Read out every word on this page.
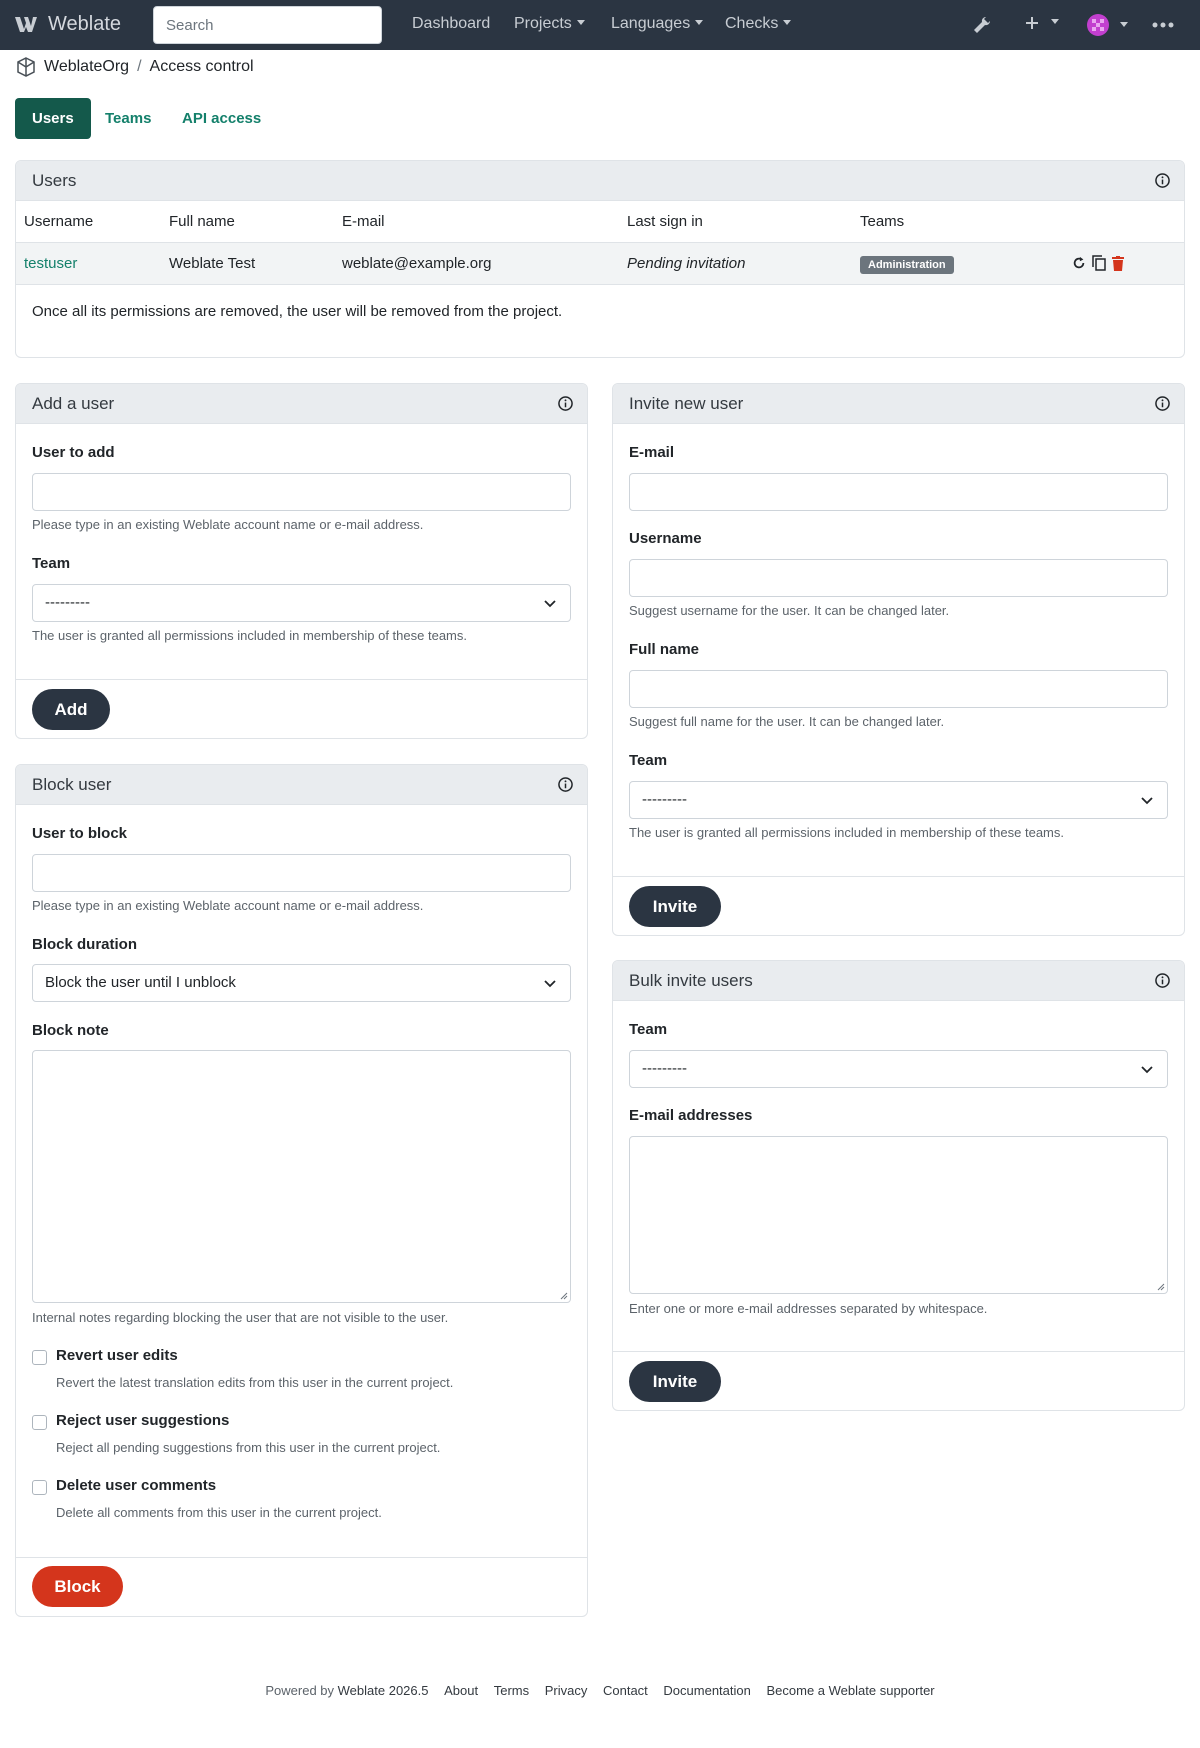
Weblate
Search	Dashboard Projects	Languages	Checks
WeblateOrg / Access control
Users	Teams	API access
Users
Username	Full name	E-mail	Last sign in	Teams	
testuser	Weblate Test	weblate@example.org	Pending invitation	Administration	
Once all its permissions are removed, the user will be removed from the project.
Add a user
User to add
Please type in an existing Weblate account name or e-mail address.
Team
---------
The user is granted all permissions included in membership of these teams.
Add
Block user
User to block
Please type in an existing Weblate account name or e-mail address.
Block duration
Block the user until I unblock
Block note
Internal notes regarding blocking the user that are not visible to the user.
Revert user edits
Revert the latest translation edits from this user in the current project.
Reject user suggestions
Reject all pending suggestions from this user in the current project.
Delete user comments
Delete all comments from this user in the current project.
Block
Invite new user
E-mail
Username
Suggest username for the user. It can be changed later.
Full name
Suggest full name for the user. It can be changed later.
Team
---------
The user is granted all permissions included in membership of these teams.
Invite
Bulk invite users
Team
---------
E-mail addresses
Enter one or more e-mail addresses separated by whitespace.
Invite
Powered by Weblate 2026.5 About Terms Privacy Contact Documentation Become a Weblate supporter
